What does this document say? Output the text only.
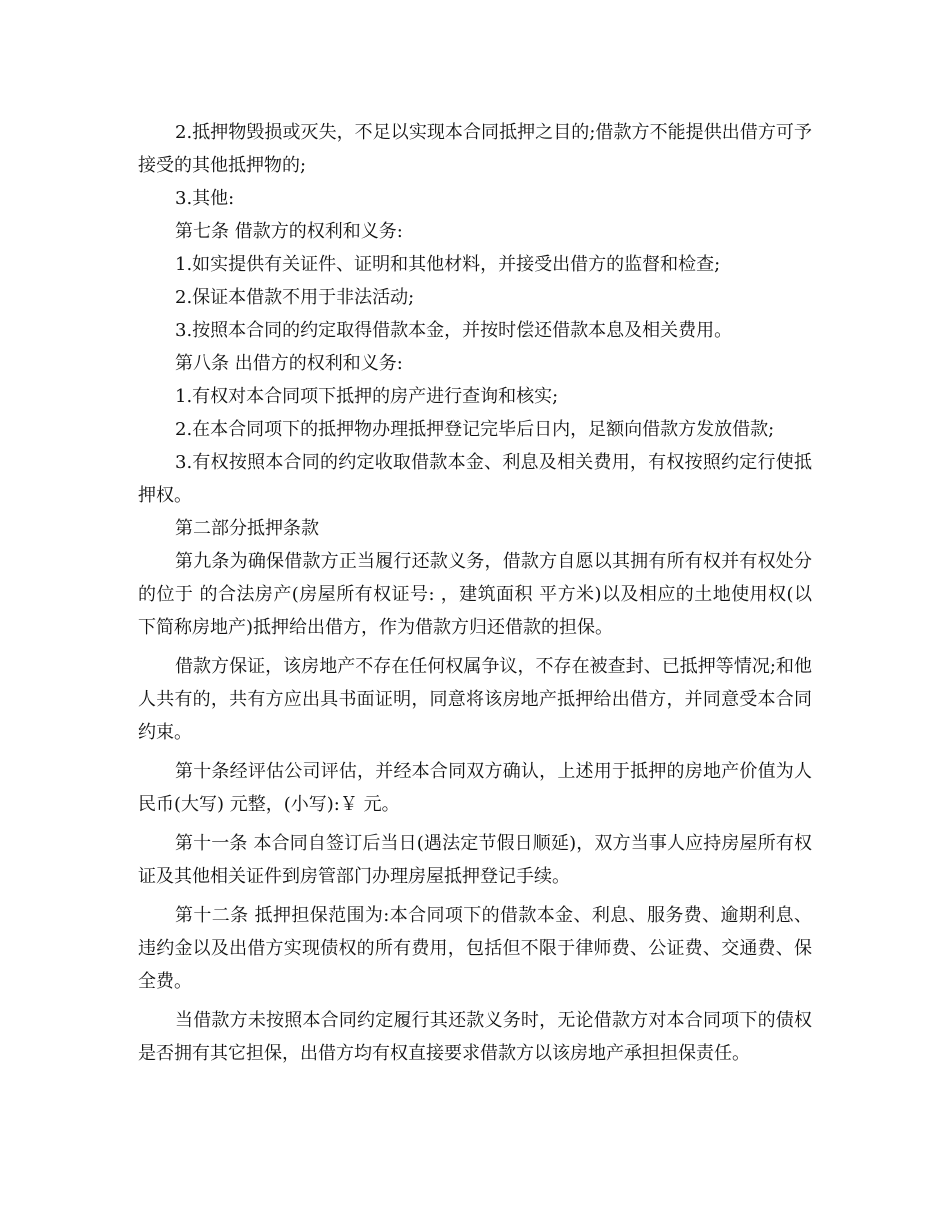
2.抵押物毁损或灭失，不足以实现本合同抵押之目的;借款方不能提供出借方可予接受的其他抵押物的;

3.其他:

第七条 借款方的权利和义务:

1.如实提供有关证件、证明和其他材料，并接受出借方的监督和检查;

2.保证本借款不用于非法活动;

3.按照本合同的约定取得借款本金，并按时偿还借款本息及相关费用。

第八条 出借方的权利和义务:

1.有权对本合同项下抵押的房产进行查询和核实;

2.在本合同项下的抵押物办理抵押登记完毕后日内，足额向借款方发放借款;

3.有权按照本合同的约定收取借款本金、利息及相关费用，有权按照约定行使抵押权。

第二部分抵押条款

第九条为确保借款方正当履行还款义务，借款方自愿以其拥有所有权并有权处分的位于 的合法房产(房屋所有权证号: ，建筑面积 平方米)以及相应的土地使用权(以下简称房地产)抵押给出借方，作为借款方归还借款的担保。

借款方保证，该房地产不存在任何权属争议，不存在被查封、已抵押等情况;和他人共有的，共有方应出具书面证明，同意将该房地产抵押给出借方，并同意受本合同约束。

第十条经评估公司评估，并经本合同双方确认，上述用于抵押的房地产价值为人民币(大写) 元整，(小写):￥ 元。

第十一条 本合同自签订后当日(遇法定节假日顺延)，双方当事人应持房屋所有权证及其他相关证件到房管部门办理房屋抵押登记手续。

第十二条 抵押担保范围为:本合同项下的借款本金、利息、服务费、逾期利息、违约金以及出借方实现债权的所有费用，包括但不限于律师费、公证费、交通费、保全费。

当借款方未按照本合同约定履行其还款义务时，无论借款方对本合同项下的债权是否拥有其它担保，出借方均有权直接要求借款方以该房地产承担担保责任。
